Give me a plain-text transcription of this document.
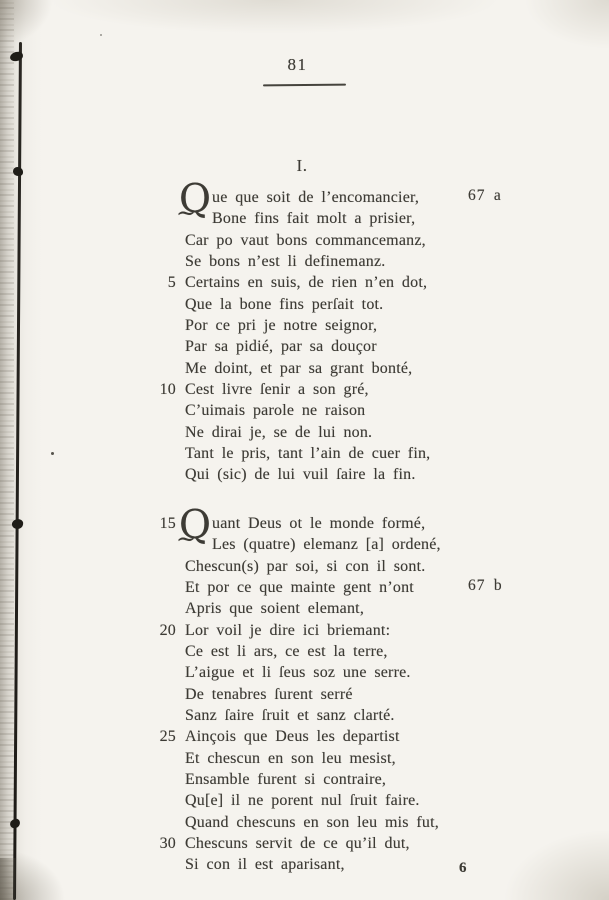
81
I.
Q ~ ue que soit de l’encomancier,	67 a
Bone fins fait molt a prisier,
Car po vaut bons commancemanz,
Se bons n’est li definemanz.
5 Certains en suis, de rien n’en dot,
Que la bone fins perſait tot.
Por ce pri je notre seignor,
Par sa pidié, par sa douçor
Me doint, et par sa grant bonté,
10 Cest livre ſenir a son gré,
C’uimais parole ne raison
Ne dirai je, se de lui non.
Tant le pris, tant l’ain de cuer fin,
Qui (sic) de lui vuil ſaire la fin.
Q ~
15	uant Deus ot le monde formé,
Les (quatre) elemanz [a] ordené,
Chescun(s) par soi, si con il sont.
Et por ce que mainte gent n’ont	67 b
Apris que soient elemant,
20 Lor voil je dire ici briemant:
Ce est li ars, ce est la terre,
L’aigue et li ſeus soz une serre.
De tenabres ſurent serré
Sanz ſaire ſruit et sanz clarté.
25 Ainçois que Deus les departist
Et chescun en son leu mesist,
Ensamble furent si contraire,
Qu[e] il ne porent nul ſruit faire.
Quand chescuns en son leu mis fut,
30 Chescuns servit de ce qu’il dut,
Si con il est aparisant,	6
